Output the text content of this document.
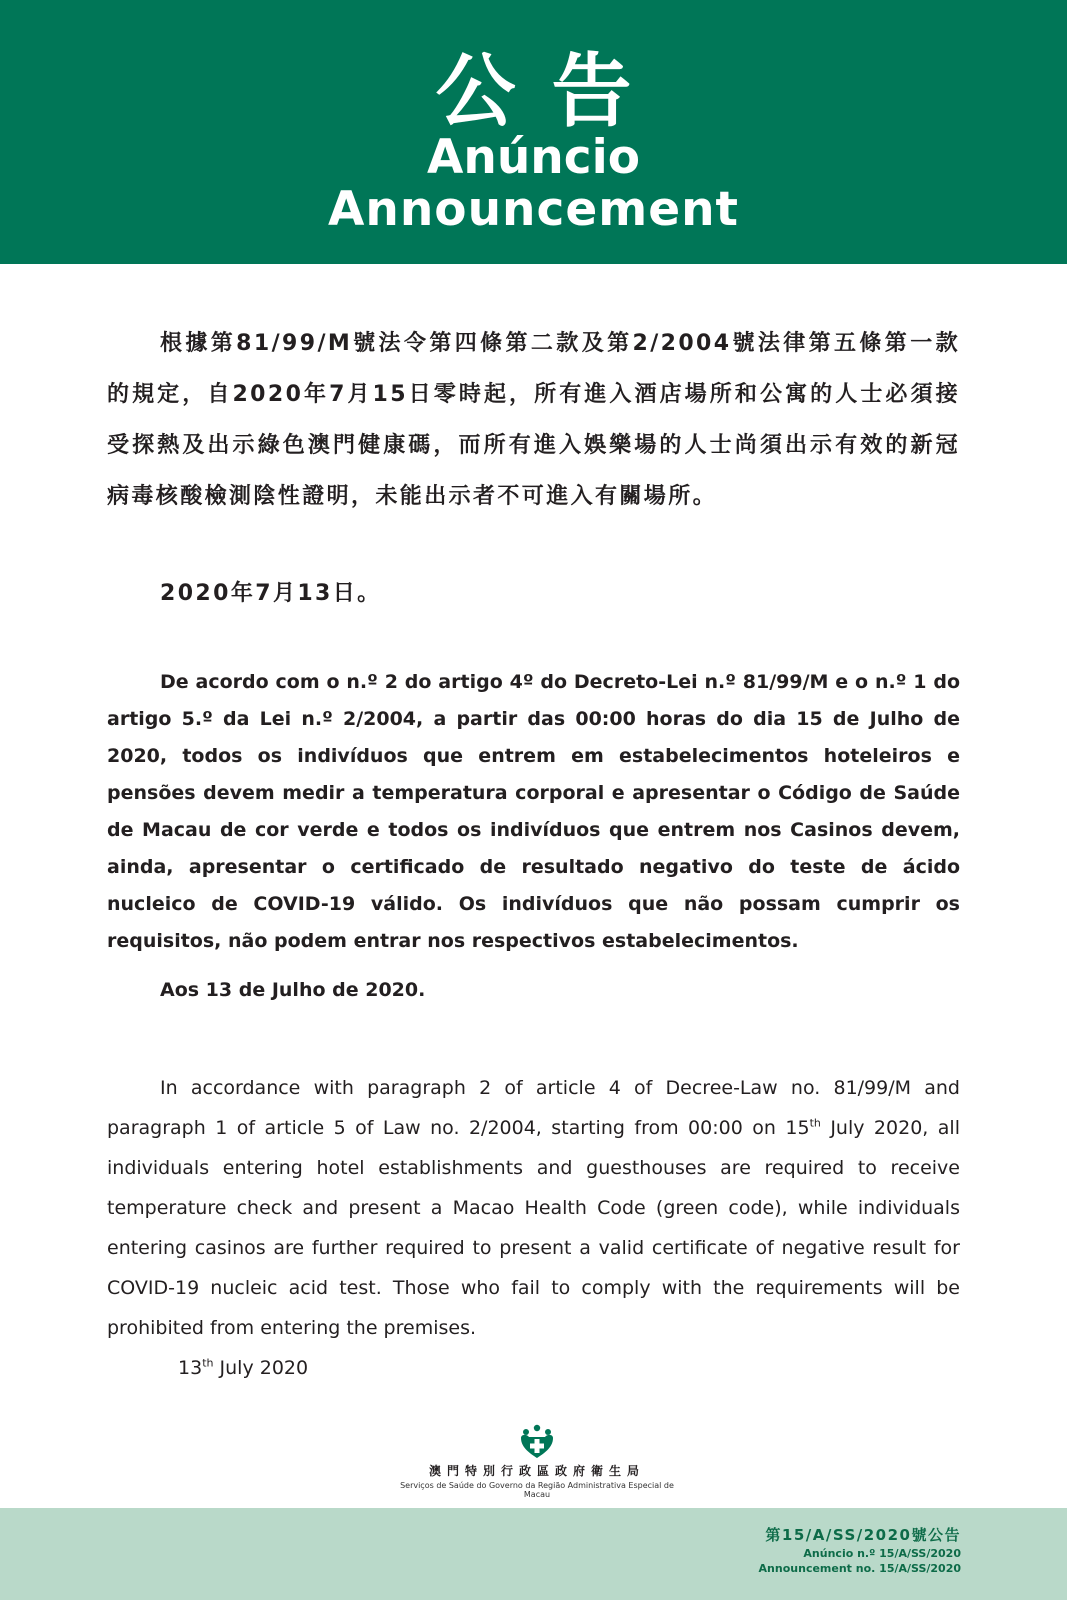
公告
Anúncio
Announcement
根據第81/99/M號法令第四條第二款及第2/2004號法律第五條第一款的規定，自2020年7月15日零時起，所有進入酒店場所和公寓的人士必須接受探熱及出示綠色澳門健康碼，而所有進入娛樂場的人士尚須出示有效的新冠病毒核酸檢測陰性證明，未能出示者不可進入有關場所。
2020年7月13日。
De acordo com o n.º 2 do artigo 4º do Decreto-Lei n.º 81/99/M e o n.º 1 do artigo 5.º da Lei n.º 2/2004, a partir das 00:00 horas do dia 15 de Julho de 2020, todos os indivíduos que entrem em estabelecimentos hoteleiros e pensões devem medir a temperatura corporal e apresentar o Código de Saúde de Macau de cor verde e todos os indivíduos que entrem nos Casinos devem, ainda, apresentar o certificado de resultado negativo do teste de ácido nucleico de COVID-19 válido. Os indivíduos que não possam cumprir os requisitos, não podem entrar nos respectivos estabelecimentos.
Aos 13 de Julho de 2020.
In accordance with paragraph 2 of article 4 of Decree-Law no. 81/99/M and paragraph 1 of article 5 of Law no. 2/2004, starting from 00:00 on 15th July 2020, all individuals entering hotel establishments and guesthouses are required to receive temperature check and present a Macao Health Code (green code), while individuals entering casinos are further required to present a valid certificate of negative result for COVID-19 nucleic acid test. Those who fail to comply with the requirements will be prohibited from entering the premises.
13th July 2020
澳門特別行政區政府衛生局
Serviços de Saúde do Governo da Região Administrativa Especial de Macau
第15/A/SS/2020號公告
Anúncio n.º 15/A/SS/2020
Announcement no. 15/A/SS/2020
